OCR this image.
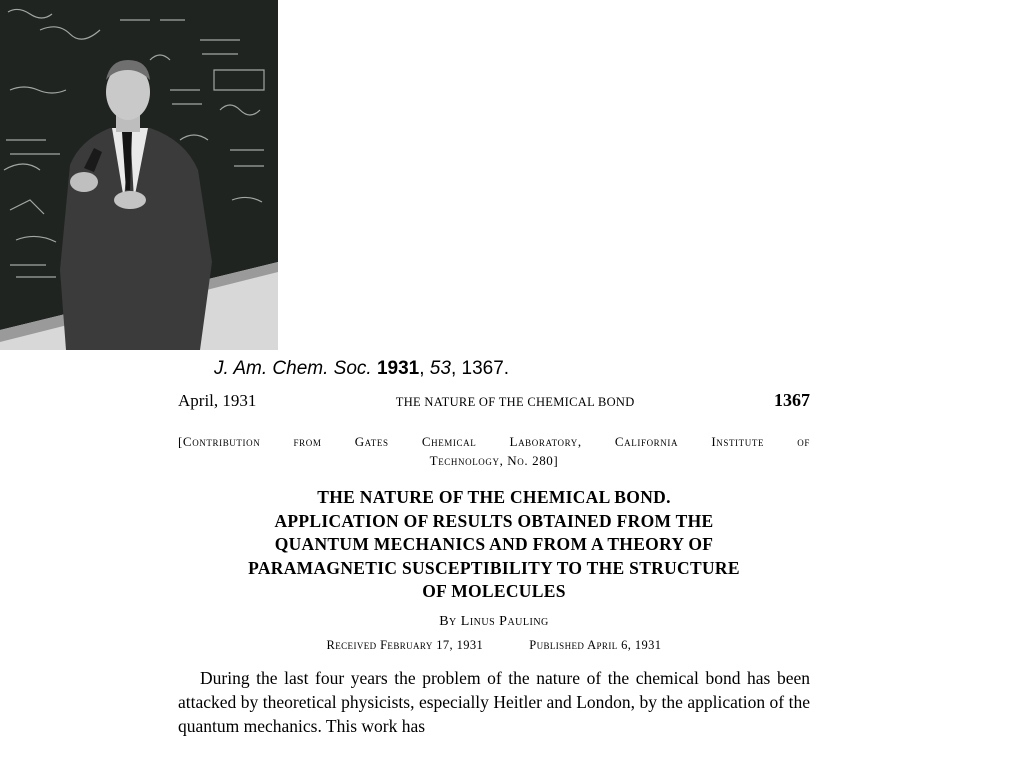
J. Am. Chem. Soc. 1931, 53, 1367.
April, 1931	THE NATURE OF THE CHEMICAL BOND	1367
[Contribution from Gates Chemical Laboratory, California Institute of
Technology, No. 280]
THE NATURE OF THE CHEMICAL BOND.
APPLICATION OF RESULTS OBTAINED FROM THE
QUANTUM MECHANICS AND FROM A THEORY OF
PARAMAGNETIC SUSCEPTIBILITY TO THE STRUCTURE
OF MOLECULES
By Linus Pauling
Received February 17, 1931	Published April 6, 1931
During the last four years the problem of the nature of the chemical bond has been attacked by theoretical physicists, especially Heitler and London, by the application of the quantum mechanics. This work has
